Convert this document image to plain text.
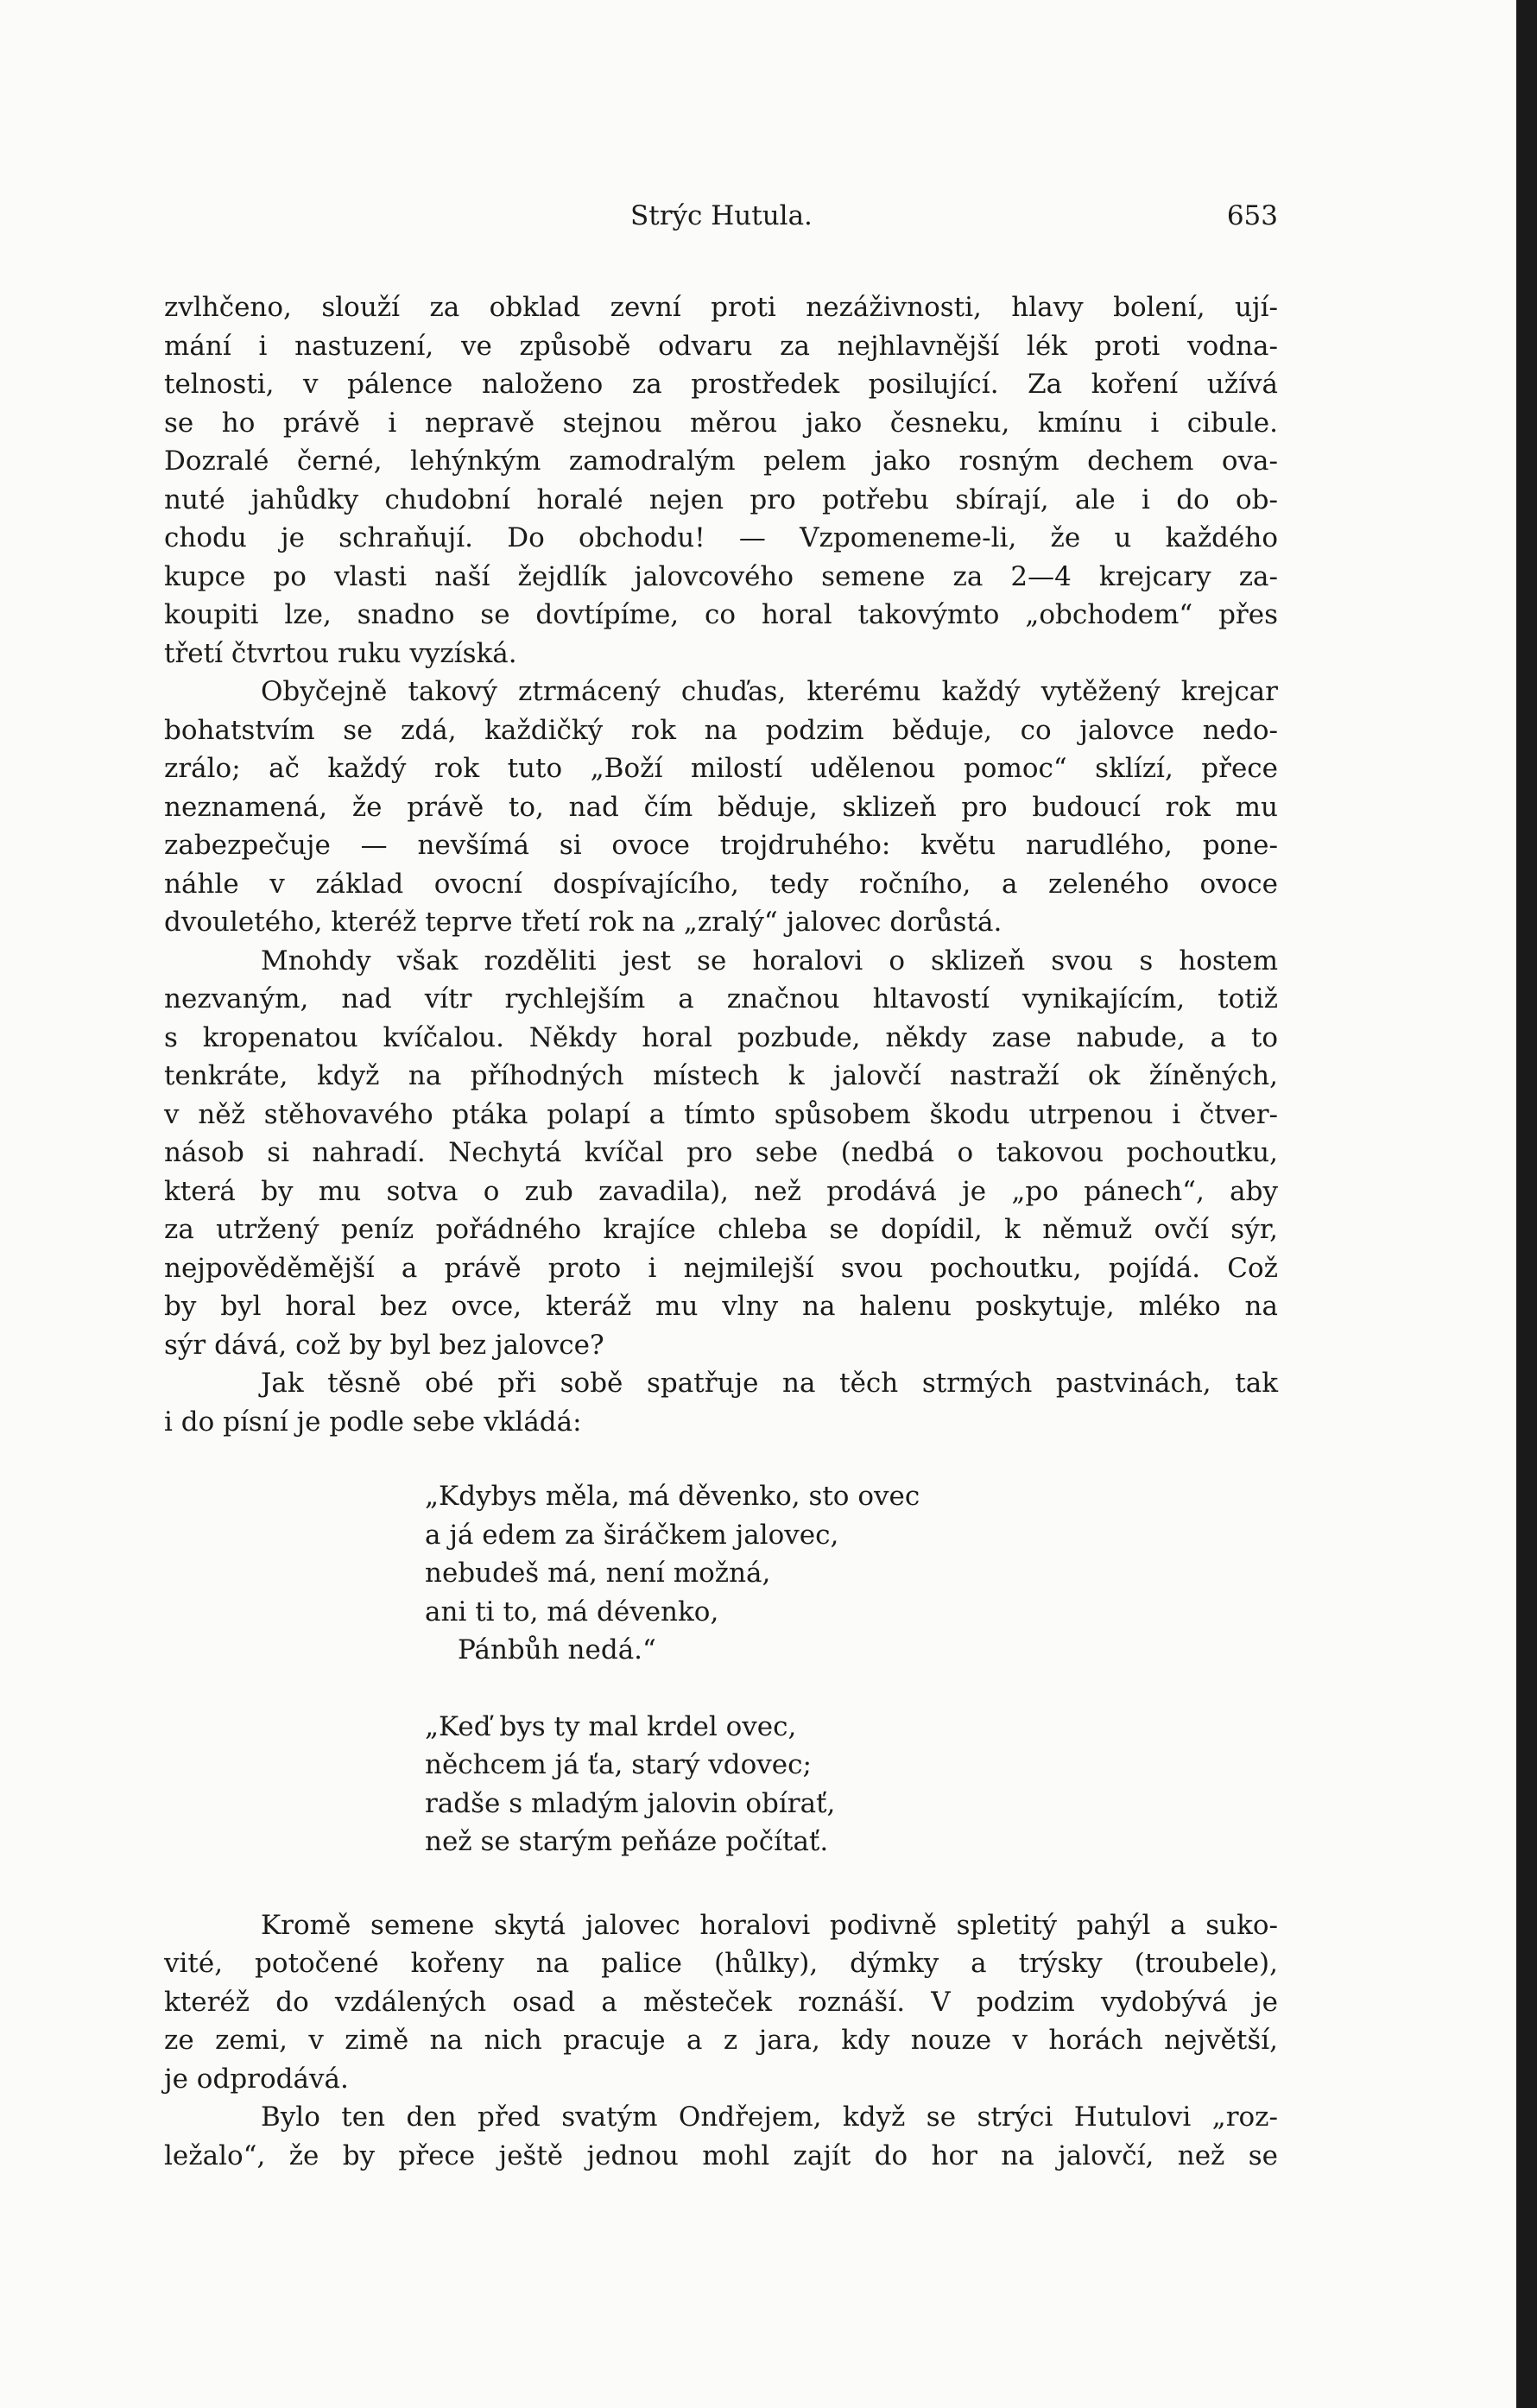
Strýc Hutula.	653

zvlhčeno, slouží za obklad zevní proti nezáživnosti, hlavy bolení, ují-

mání i nastuzení, ve způsobě odvaru za nejhlavnější lék proti vodna-

telnosti, v pálence naloženo za prostředek posilující. Za koření užívá

se ho právě i nepravě stejnou měrou jako česneku, kmínu i cibule.

Dozralé černé, lehýnkým zamodralým pelem jako rosným dechem ova-

nuté jahůdky chudobní horalé nejen pro potřebu sbírají, ale i do ob-

chodu je schraňují. Do obchodu! — Vzpomeneme-li, že u každého

kupce po vlasti naší žejdlík jalovcového semene za 2—4 krejcary za-

koupiti lze, snadno se dovtípíme, co horal takovýmto „obchodem“ přes

třetí čtvrtou ruku vyzíská.

Obyčejně takový ztrmácený chuďas, kterému každý vytěžený krejcar

bohatstvím se zdá, každičký rok na podzim běduje, co jalovce nedo-

zrálo; ač každý rok tuto „Boží milostí udělenou pomoc“ sklízí, přece

neznamená, že právě to, nad čím běduje, sklizeň pro budoucí rok mu

zabezpečuje — nevšímá si ovoce trojdruhého: květu narudlého, pone-

náhle v základ ovocní dospívajícího, tedy ročního, a zeleného ovoce

dvouletého, kteréž teprve třetí rok na „zralý“ jalovec dorůstá.

Mnohdy však rozděliti jest se horalovi o sklizeň svou s hostem

nezvaným, nad vítr rychlejším a značnou hltavostí vynikajícím, totiž

s kropenatou kvíčalou. Někdy horal pozbude, někdy zase nabude, a to

tenkráte, když na příhodných místech k jalovčí nastraží ok žíněných,

v něž stěhovavého ptáka polapí a tímto spůsobem škodu utrpenou i čtver-

násob si nahradí. Nechytá kvíčal pro sebe (nedbá o takovou pochoutku,

která by mu sotva o zub zavadila), než prodává je „po pánech“, aby

za utržený peníz pořádného krajíce chleba se dopídil, k němuž ovčí sýr,

nejpověděmější a právě proto i nejmilejší svou pochoutku, pojídá. Což

by byl horal bez ovce, kteráž mu vlny na halenu poskytuje, mléko na

sýr dává, což by byl bez jalovce?

Jak těsně obé při sobě spatřuje na těch strmých pastvinách, tak

i do písní je podle sebe vkládá:

„Kdybys měla, má děvenko, sto ovec
a já edem za širáčkem jalovec,
nebudeš má, není možná,
ani ti to, má dévenko,
Pánbůh nedá.“
„Keď bys ty mal krdel ovec,
něchcem já ťa, starý vdovec;
radše s mladým jalovin obírať,
než se starým peňáze počítať.

Kromě semene skytá jalovec horalovi podivně spletitý pahýl a suko-

vité, potočené kořeny na palice (hůlky), dýmky a trýsky (troubele),

kteréž do vzdálených osad a městeček roznáší. V podzim vydobývá je

ze zemi, v zimě na nich pracuje a z jara, kdy nouze v horách největší,

je odprodává.

Bylo ten den před svatým Ondřejem, když se strýci Hutulovi „roz-

ležalo“, že by přece ještě jednou mohl zajít do hor na jalovčí, než se
